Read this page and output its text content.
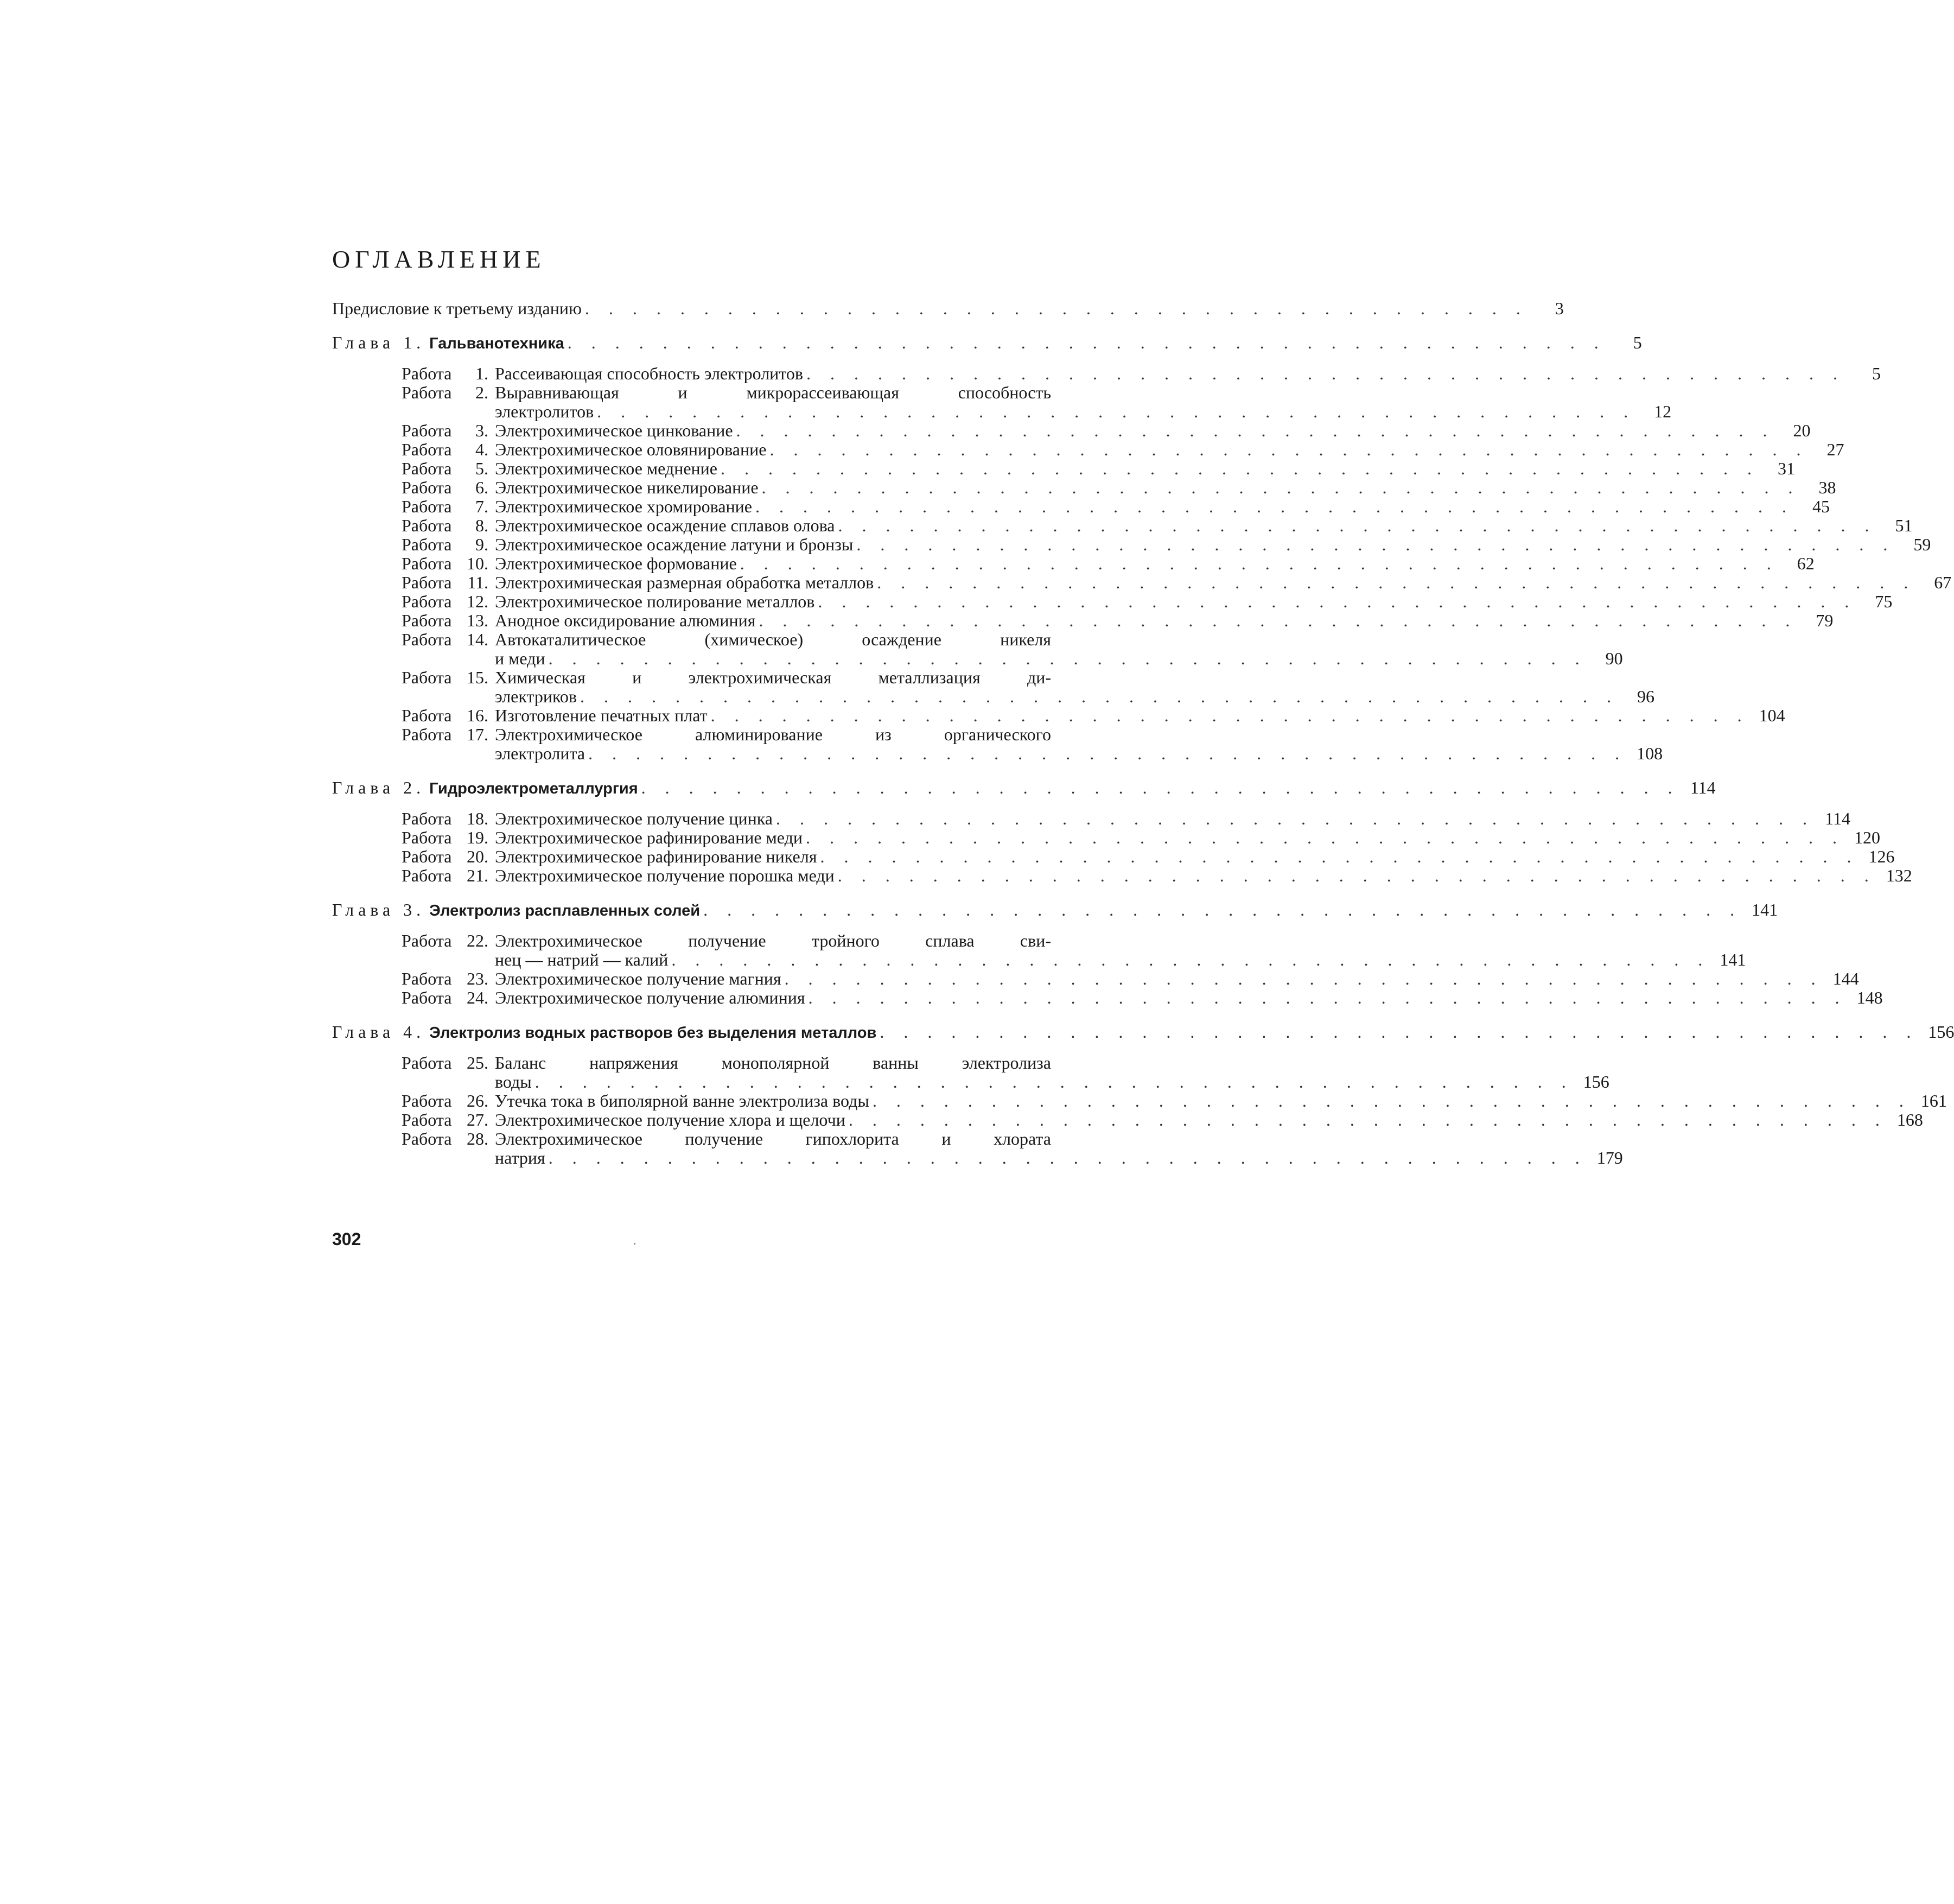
ОГЛАВЛЕНИЕ
Предисловие к третьему изданию . . . . . . . . . . . . . . . . . . . . . . . . . . . . . . . . . . . . . . . .	3
Глава 1.
Гальванотехника . . . . . . . . . . . . . . . . . . . . . . . . . . . . . . . . . . . . . . . . . . . .	5
Работа 1. Рассеивающая способность электролитов . . . . . . . . . . . . . . . . . . . . . . . . . . . . . . . . . . . . . . . . . . . .	5
Работа 2. Выравнивающая и микрорассеивающая способность
электролитов . . . . . . . . . . . . . . . . . . . . . . . . . . . . . . . . . . . . . . . . . . . .	12
Работа 3. Электрохимическое цинкование . . . . . . . . . . . . . . . . . . . . . . . . . . . . . . . . . . . . . . . . . . . .	20
Работа 4. Электрохимическое оловянирование . . . . . . . . . . . . . . . . . . . . . . . . . . . . . . . . . . . . . . . . . . . .	27
Работа 5. Электрохимическое меднение . . . . . . . . . . . . . . . . . . . . . . . . . . . . . . . . . . . . . . . . . . . .	31
Работа 6. Электрохимическое никелирование . . . . . . . . . . . . . . . . . . . . . . . . . . . . . . . . . . . . . . . . . . . .	38
Работа 7. Электрохимическое хромирование . . . . . . . . . . . . . . . . . . . . . . . . . . . . . . . . . . . . . . . . . . . .	45
Работа 8. Электрохимическое осаждение сплавов олова . . . . . . . . . . . . . . . . . . . . . . . . . . . . . . . . . . . . . . . . . . . .	51
Работа 9. Электрохимическое осаждение латуни и бронзы . . . . . . . . . . . . . . . . . . . . . . . . . . . . . . . . . . . . . . . . . . . .	59
Работа 10. Электрохимическое формование . . . . . . . . . . . . . . . . . . . . . . . . . . . . . . . . . . . . . . . . . . . .	62
Работа 11. Электрохимическая размерная обработка металлов . . . . . . . . . . . . . . . . . . . . . . . . . . . . . . . . . . . . . . . . . . . .	67
Работа 12. Электрохимическое полирование металлов . . . . . . . . . . . . . . . . . . . . . . . . . . . . . . . . . . . . . . . . . . . .	75
Работа 13. Анодное оксидирование алюминия . . . . . . . . . . . . . . . . . . . . . . . . . . . . . . . . . . . . . . . . . . . .	79
Работа 14. Автокаталитическое (химическое) осаждение никеля
и меди . . . . . . . . . . . . . . . . . . . . . . . . . . . . . . . . . . . . . . . . . . . .	90
Работа 15. Химическая и электрохимическая металлизация ди-
электриков . . . . . . . . . . . . . . . . . . . . . . . . . . . . . . . . . . . . . . . . . . . .	96
Работа 16. Изготовление печатных плат . . . . . . . . . . . . . . . . . . . . . . . . . . . . . . . . . . . . . . . . . . . . 104
Работа 17. Электрохимическое алюминирование из органического
электролита . . . . . . . . . . . . . . . . . . . . . . . . . . . . . . . . . . . . . . . . . . . . 108
Глава 2.
Гидроэлектрометаллургия . . . . . . . . . . . . . . . . . . . . . . . . . . . . . . . . . . . . . . . . . . . . 114
Работа 18. Электрохимическое получение цинка . . . . . . . . . . . . . . . . . . . . . . . . . . . . . . . . . . . . . . . . . . . . 114
Работа 19. Электрохимическое рафинирование меди . . . . . . . . . . . . . . . . . . . . . . . . . . . . . . . . . . . . . . . . . . . . 120
Работа 20. Электрохимическое рафинирование никеля . . . . . . . . . . . . . . . . . . . . . . . . . . . . . . . . . . . . . . . . . . . . 126
Работа 21. Электрохимическое получение порошка меди . . . . . . . . . . . . . . . . . . . . . . . . . . . . . . . . . . . . . . . . . . . . 132
Глава 3.
Электролиз расплавленных солей . . . . . . . . . . . . . . . . . . . . . . . . . . . . . . . . . . . . . . . . . . . . 141
Работа 22. Электрохимическое получение тройного сплава сви-
нец — натрий — калий . . . . . . . . . . . . . . . . . . . . . . . . . . . . . . . . . . . . . . . . . . . . 141
Работа 23. Электрохимическое получение магния . . . . . . . . . . . . . . . . . . . . . . . . . . . . . . . . . . . . . . . . . . . . 144
Работа 24. Электрохимическое получение алюминия . . . . . . . . . . . . . . . . . . . . . . . . . . . . . . . . . . . . . . . . . . . . 148
Глава 4.
Электролиз водных растворов без выделения металлов . . . . . . . . . . . . . . . . . . . . . . . . . . . . . . . . . . . . . . . . . . . . 156
Работа 25. Баланс напряжения монополярной ванны электролиза
воды . . . . . . . . . . . . . . . . . . . . . . . . . . . . . . . . . . . . . . . . . . . . 156
Работа 26. Утечка тока в биполярной ванне электролиза воды . . . . . . . . . . . . . . . . . . . . . . . . . . . . . . . . . . . . . . . . . . . . 161
Работа 27. Электрохимическое получение хлора и щелочи . . . . . . . . . . . . . . . . . . . . . . . . . . . . . . . . . . . . . . . . . . . . 168
Работа 28. Электрохимическое получение гипохлорита и хлората
натрия . . . . . . . . . . . . . . . . . . . . . . . . . . . . . . . . . . . . . . . . . . . . 179
302
